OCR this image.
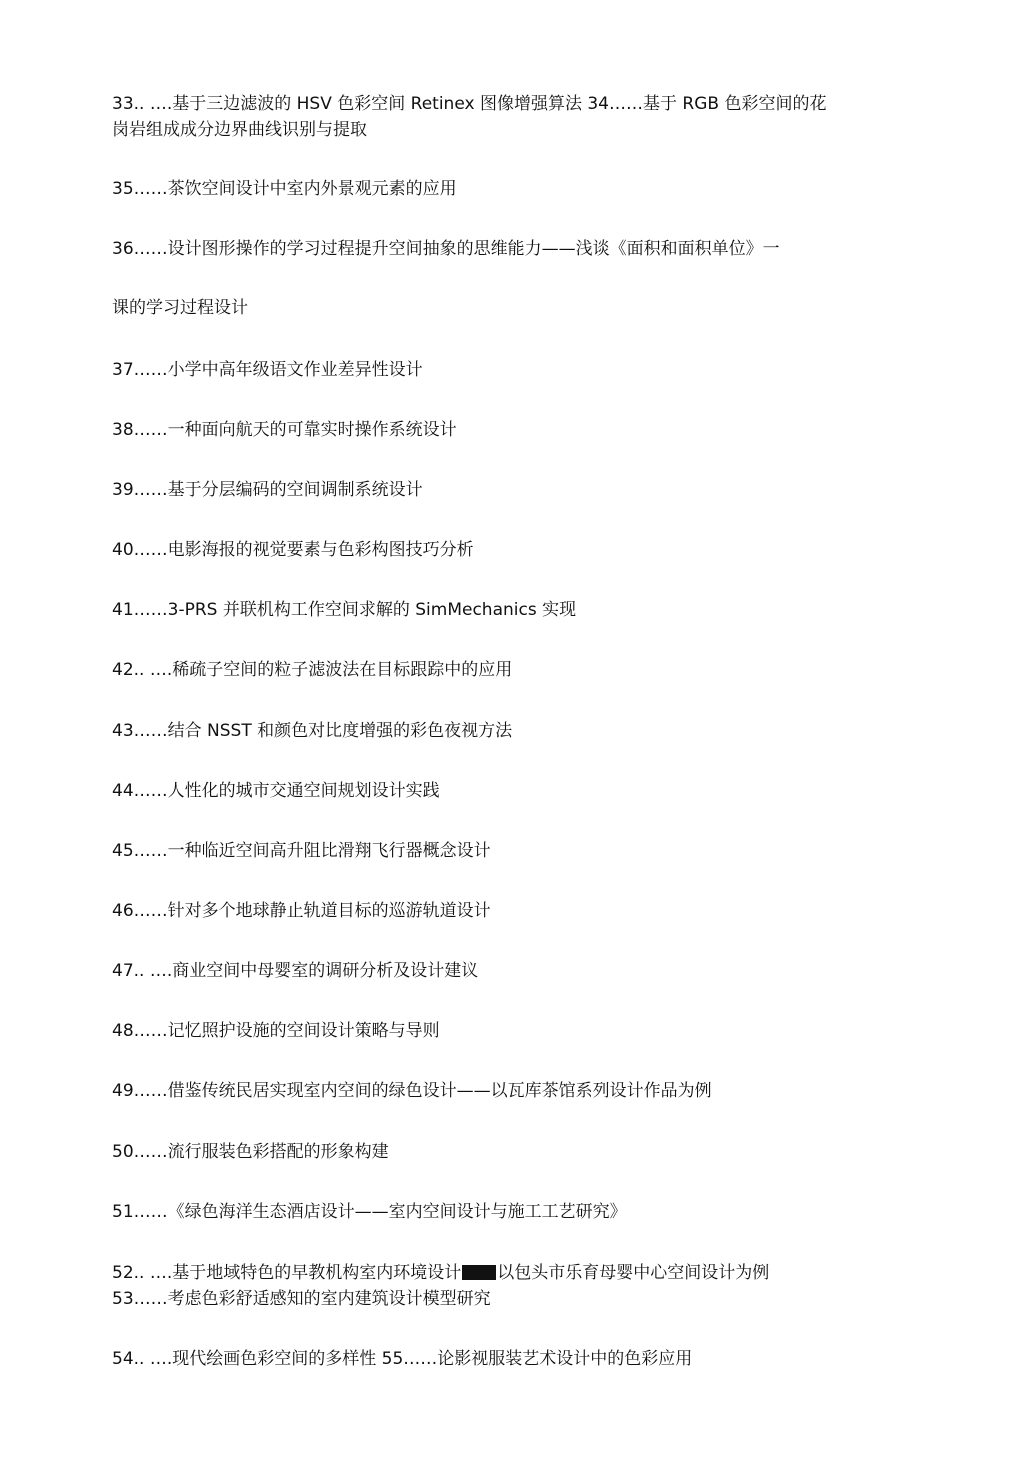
33.. ….基于三边滤波的 HSV 色彩空间 Retinex 图像增强算法 34……基于 RGB 色彩空间的花
岗岩组成成分边界曲线识别与提取
35……茶饮空间设计中室内外景观元素的应用
36……设计图形操作的学习过程提升空间抽象的思维能力——浅谈《面积和面积单位》一
课的学习过程设计
37……小学中高年级语文作业差异性设计
38……一种面向航天的可靠实时操作系统设计
39……基于分层编码的空间调制系统设计
40……电影海报的视觉要素与色彩构图技巧分析
41……3-PRS 并联机构工作空间求解的 SimMechanics 实现
42.. ….稀疏子空间的粒子滤波法在目标跟踪中的应用
43……结合 NSST 和颜色对比度增强的彩色夜视方法
44……人性化的城市交通空间规划设计实践
45……一种临近空间高升阻比滑翔飞行器概念设计
46……针对多个地球静止轨道目标的巡游轨道设计
47.. ….商业空间中母婴室的调研分析及设计建议
48……记忆照护设施的空间设计策略与导则
49……借鉴传统民居实现室内空间的绿色设计——以瓦库茶馆系列设计作品为例
50……流行服装色彩搭配的形象构建
51……《绿色海洋生态酒店设计——室内空间设计与施工工艺研究》
52.. ….基于地域特色的早教机构室内环境设计 以包头市乐育母婴中心空间设计为例
53……考虑色彩舒适感知的室内建筑设计模型研究
54.. ….现代绘画色彩空间的多样性 55……论影视服装艺术设计中的色彩应用
